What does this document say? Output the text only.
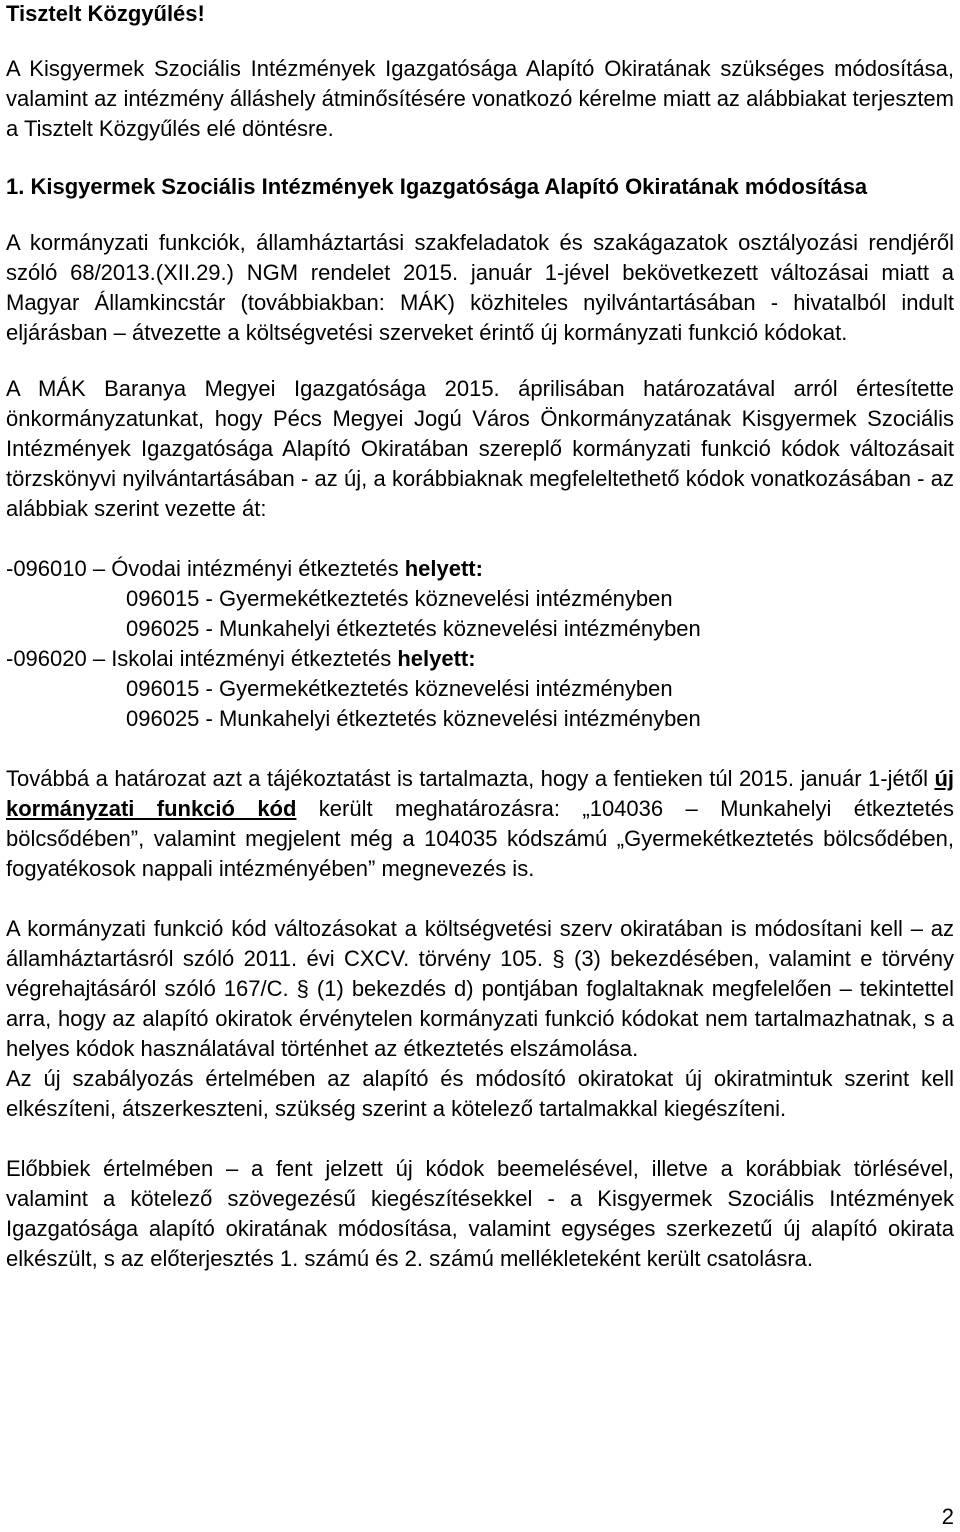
Tisztelt Közgyűlés!

A Kisgyermek Szociális Intézmények Igazgatósága Alapító Okiratának szükséges módosítása, valamint az intézmény álláshely átminősítésére vonatkozó kérelme miatt az alábbiakat terjesztem a Tisztelt Közgyűlés elé döntésre.

1. Kisgyermek Szociális Intézmények Igazgatósága Alapító Okiratának módosítása

A kormányzati funkciók, államháztartási szakfeladatok és szakágazatok osztályozási rendjéről szóló 68/2013.(XII.29.) NGM rendelet 2015. január 1-jével bekövetkezett változásai miatt a Magyar Államkincstár (továbbiakban: MÁK) közhiteles nyilvántartásában - hivatalból indult eljárásban – átvezette a költségvetési szerveket érintő új kormányzati funkció kódokat.

A MÁK Baranya Megyei Igazgatósága 2015. áprilisában határozatával arról értesítette önkormányzatunkat, hogy Pécs Megyei Jogú Város Önkormányzatának Kisgyermek Szociális Intézmények Igazgatósága Alapító Okiratában szereplő kormányzati funkció kódok változásait törzskönyvi nyilvántartásában - az új, a korábbiaknak megfeleltethető kódok vonatkozásában - az alábbiak szerint vezette át:

-096010 – Óvodai intézményi étkeztetés helyett:
096015 - Gyermekétkeztetés köznevelési intézményben
096025 - Munkahelyi étkeztetés köznevelési intézményben
-096020 – Iskolai intézményi étkeztetés helyett:
096015 - Gyermekétkeztetés köznevelési intézményben
096025 - Munkahelyi étkeztetés köznevelési intézményben

Továbbá a határozat azt a tájékoztatást is tartalmazta, hogy a fentieken túl 2015. január 1-jétől új kormányzati funkció kód került meghatározásra: „104036 – Munkahelyi étkeztetés bölcsődében”, valamint megjelent még a 104035 kódszámú „Gyermekétkeztetés bölcsődében, fogyatékosok nappali intézményében” megnevezés is.

A kormányzati funkció kód változásokat a költségvetési szerv okiratában is módosítani kell – az államháztartásról szóló 2011. évi CXCV. törvény 105. § (3) bekezdésében, valamint e törvény végrehajtásáról szóló 167/C. § (1) bekezdés d) pontjában foglaltaknak megfelelően – tekintettel arra, hogy az alapító okiratok érvénytelen kormányzati funkció kódokat nem tartalmazhatnak, s a helyes kódok használatával történhet az étkeztetés elszámolása.

Az új szabályozás értelmében az alapító és módosító okiratokat új okiratmintuk szerint kell elkészíteni, átszerkeszteni, szükség szerint a kötelező tartalmakkal kiegészíteni.

Előbbiek értelmében – a fent jelzett új kódok beemelésével, illetve a korábbiak törlésével, valamint a kötelező szövegezésű kiegészítésekkel - a Kisgyermek Szociális Intézmények Igazgatósága alapító okiratának módosítása, valamint egységes szerkezetű új alapító okirata elkészült, s az előterjesztés 1. számú és 2. számú mellékleteként került csatolásra.

2
